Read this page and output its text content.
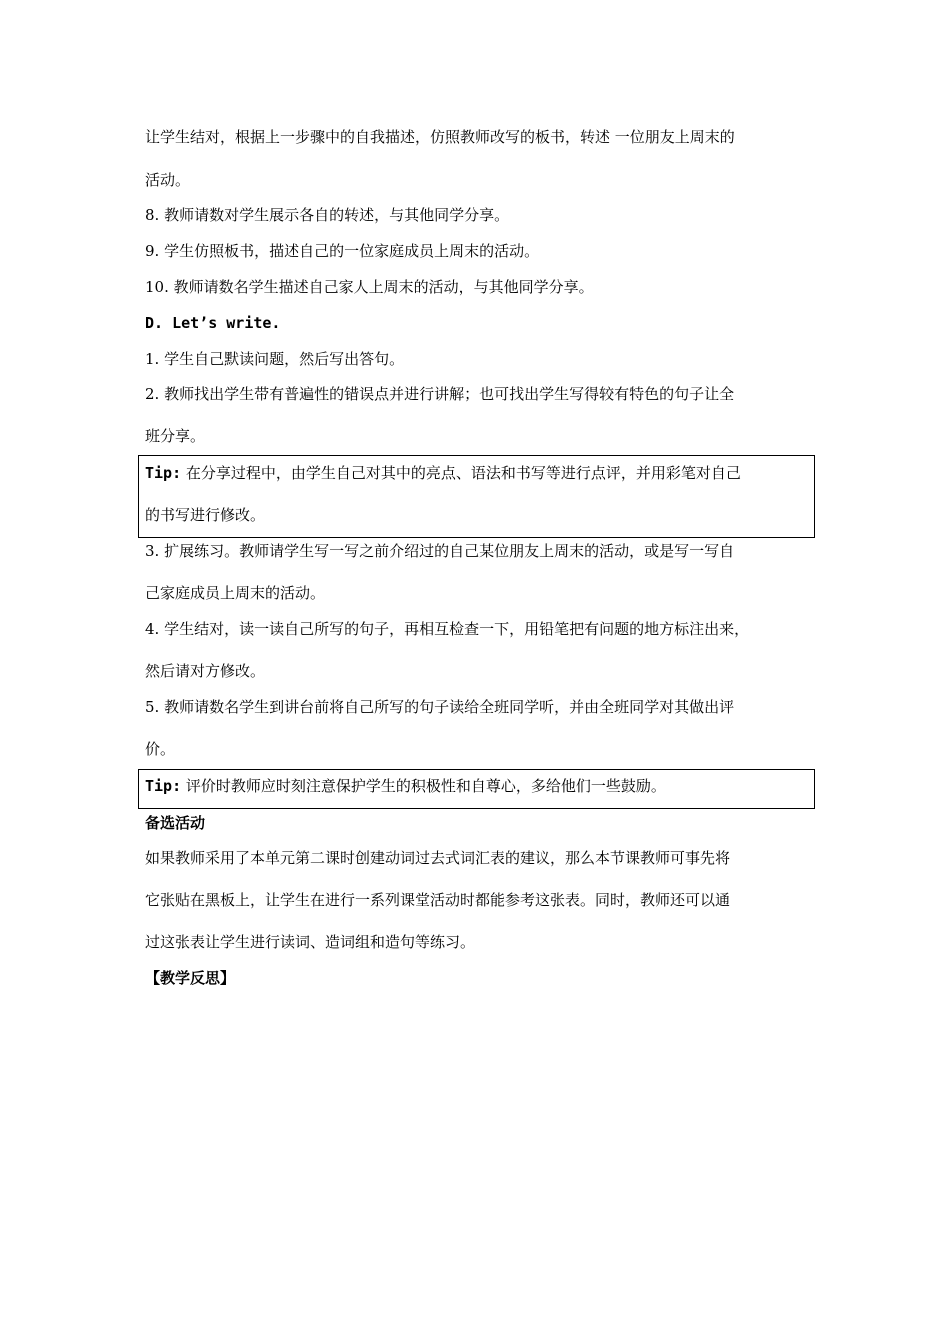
让学生结对，根据上一步骤中的自我描述，仿照教师改写的板书，转述 一位朋友上周末的
活动。
8. 教师请数对学生展示各自的转述，与其他同学分享。
9. 学生仿照板书，描述自己的一位家庭成员上周末的活动。
10. 教师请数名学生描述自己家人上周末的活动，与其他同学分享。
D. Let’s write.
1. 学生自己默读问题，然后写出答句。
2. 教师找出学生带有普遍性的错误点并进行讲解；也可找出学生写得较有特色的句子让全
班分享。
Tip: 在分享过程中，由学生自己对其中的亮点、语法和书写等进行点评，并用彩笔对自己
的书写进行修改。
3. 扩展练习。教师请学生写一写之前介绍过的自己某位朋友上周末的活动，或是写一写自
己家庭成员上周末的活动。
4. 学生结对，读一读自己所写的句子，再相互检查一下，用铅笔把有问题的地方标注出来，
然后请对方修改。
5. 教师请数名学生到讲台前将自己所写的句子读给全班同学听，并由全班同学对其做出评
价。
Tip: 评价时教师应时刻注意保护学生的积极性和自尊心，多给他们一些鼓励。
备选活动
如果教师采用了本单元第二课时创建动词过去式词汇表的建议，那么本节课教师可事先将
它张贴在黑板上，让学生在进行一系列课堂活动时都能参考这张表。同时，教师还可以通
过这张表让学生进行读词、造词组和造句等练习。
【教学反思】
